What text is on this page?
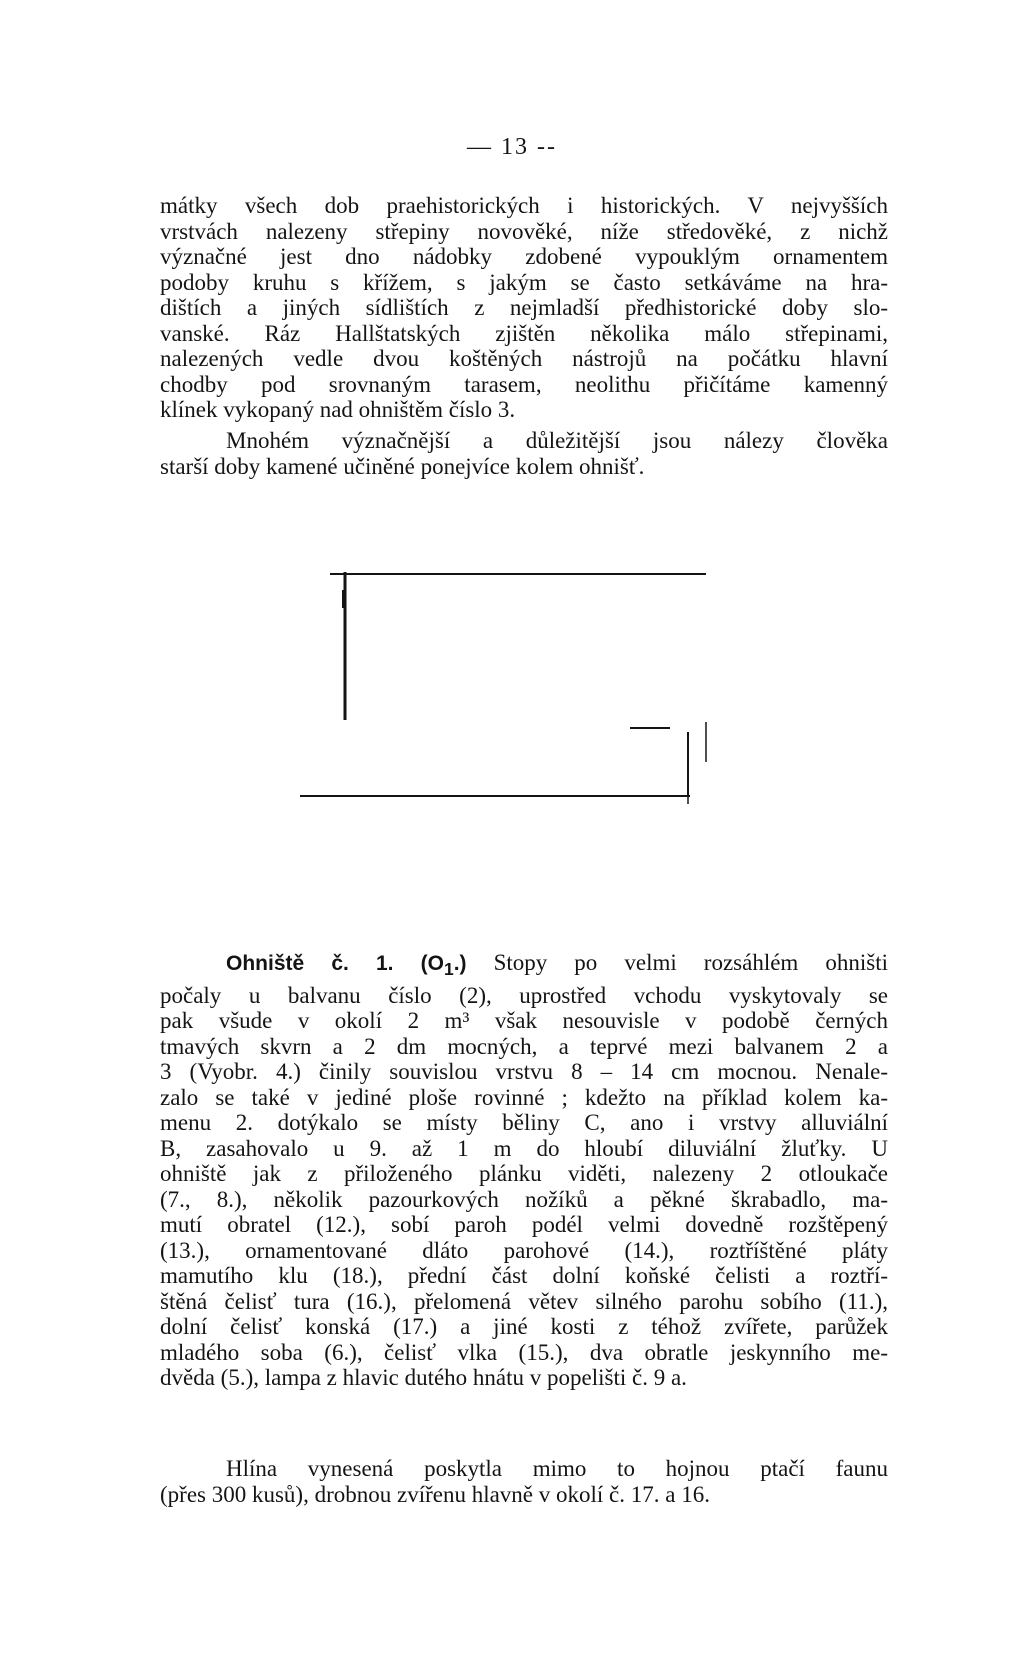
— 13 --
mátky všech dob praehistorických i historických. V nejvyšších
vrstvách nalezeny střepiny novověké, níže středověké, z nichž
význačné jest dno nádobky zdobené vypouklým ornamentem
podoby kruhu s křížem, s jakým se často setkáváme na hra-
dištích a jiných sídlištích z nejmladší předhistorické doby slo-
vanské. Ráz Hallštatských zjištěn několika málo střepinami,
nalezených vedle dvou koštěných nástrojů na počátku hlavní
chodby pod srovnaným tarasem, neolithu přičítáme kamenný
klínek vykopaný nad ohništěm číslo 3.
Mnohém význačnější a důležitější jsou nálezy člověka
starší doby kamené učiněné ponejvíce kolem ohnišť.
Ohniště č. 1. $(O_1.)$ Stopy po velmi rozsáhlém ohništi
počaly u balvanu číslo (2), uprostřed vchodu vyskytovaly se
pak všude v okolí 2 m³ však nesouvisle v podobě černých
tmavých skvrn a 2 dm mocných, a teprvé mezi balvanem 2 a
3 (Vyobr. 4.) činily souvislou vrstvu 8 – 14 cm mocnou. Nenale-
zalo se také v jediné ploše rovinné ; kdežto na příklad kolem ka-
menu 2. dotýkalo se místy běliny C, ano i vrstvy alluviální
B, zasahovalo u 9. až 1 m do hloubí diluviální žluťky. U
ohniště jak z přiloženého plánku viděti, nalezeny 2 otloukače
(7., 8.), několik pazourkových nožíků a pěkné škrabadlo, ma-
mutí obratel (12.), sobí paroh podél velmi dovedně rozštěpený
(13.), ornamentované dláto parohové (14.), roztříštěné pláty
mamutího klu (18.), přední část dolní koňské čelisti a roztří-
štěná čelisť tura (16.), přelomená větev silného parohu sobího (11.),
dolní čelisť konská (17.) a jiné kosti z téhož zvířete, parůžek
mladého soba (6.), čelisť vlka (15.), dva obratle jeskynního me-
dvěda (5.), lampa z hlavic dutého hnátu v popelišti č. 9 a.
Hlína vynesená poskytla mimo to hojnou ptačí faunu
(přes 300 kusů), drobnou zvířenu hlavně v okolí č. 17. a 16.
